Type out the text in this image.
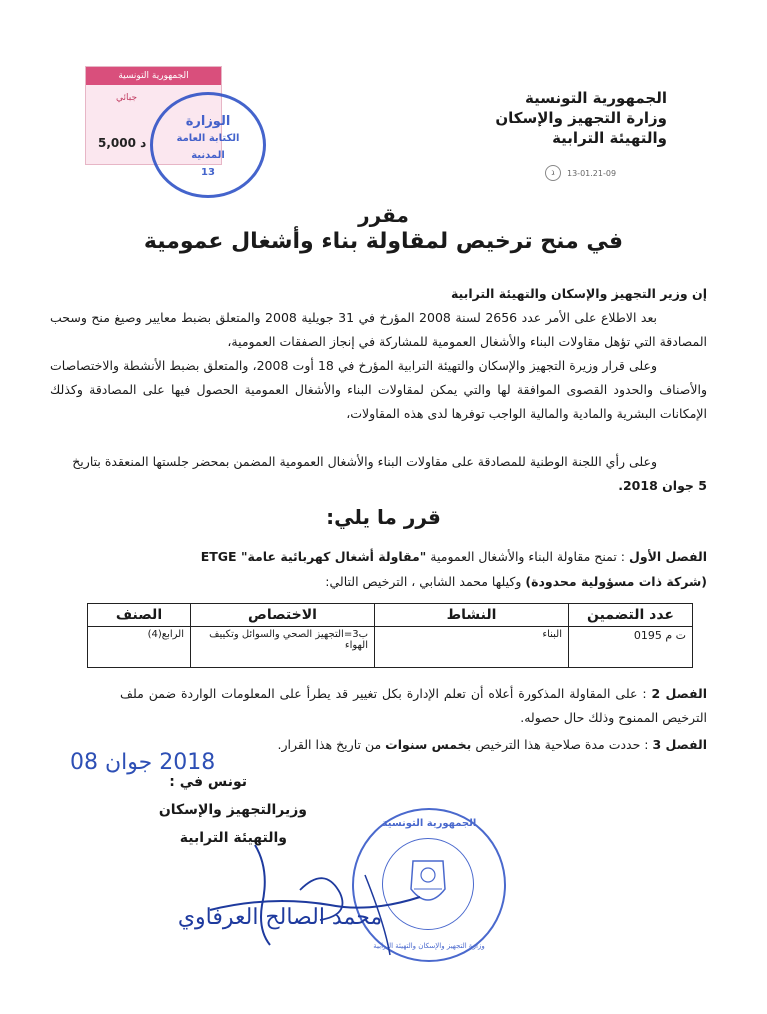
الجمهورية التونسية
جبائي
5,000 د
الوزارة
الكتابة العامة
المدنية
13
الجمهورية التونسية
وزارة التجهيز والإسكان
والتهيئة الترابية
ג	13-01.21-09
مقرر
في منح ترخيص لمقاولة بناء وأشغال عمومية
إن وزير التجهيز والإسكان والتهيئة الترابية
بعد الاطلاع على الأمر عدد 2656 لسنة 2008 المؤرخ في 31 جويلية 2008 والمتعلق بضبط معايير وصيغ منح وسحب المصادقة التي تؤهل مقاولات البناء والأشغال العمومية للمشاركة في إنجاز الصفقات العمومية،
وعلى قرار وزيرة التجهيز والإسكان والتهيئة الترابية المؤرخ في 18 أوت 2008، والمتعلق بضبط الأنشطة والاختصاصات والأصناف والحدود القصوى الموافقة لها والتي يمكن لمقاولات البناء والأشغال العمومية الحصول فيها على المصادقة وكذلك الإمكانات البشرية والمادية والمالية الواجب توفرها لدى هذه المقاولات،
وعلى رأي اللجنة الوطنية للمصادقة على مقاولات البناء والأشغال العمومية المضمن بمحضر جلستها المنعقدة بتاريخ
5 جوان 2018.
قرر ما يلي:
الفصل الأول : تمنح مقاولة البناء والأشغال العمومية "مقاولة أشغال كهربائية عامة" ETGE
(شركة ذات مسؤولية محدودة) وكيلها محمد الشابي ، الترخيص التالي:
عدد التضمين	النشاط	الاختصاص	الصنف
ت م 0195	البناء	ب3=التجهيز الصحي والسوائل وتكييف الهواء	الرابع(4)
الفصل 2 : على المقاولة المذكورة أعلاه أن تعلم الإدارة بكل تغيير قد يطرأ على المعلومات الواردة ضمن ملف الترخيص الممنوح وذلك حال حصوله.
الفصل 3 : حددت مدة صلاحية هذا الترخيص بخمس سنوات من تاريخ هذا القرار.
2018 جوان 08
تونس في :
وزيرالتجهيز والإسكان
والتهيئة الترابية
الجمهورية التونسية
وزارة التجهيز والإسكان والتهيئة الترابية
محمد الصالح العرفاوي
